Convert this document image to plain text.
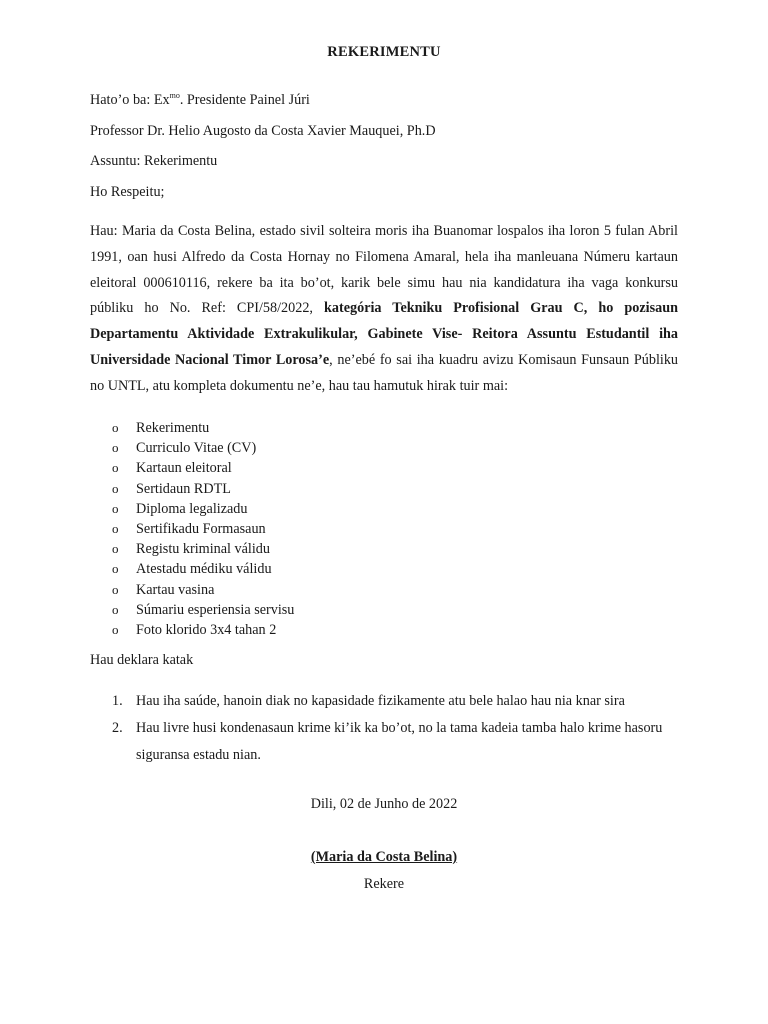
REKERIMENTU
Hato’o ba: $Ex^{mo}$. Presidente Painel Júri
Professor Dr. Helio Augosto da Costa Xavier Mauquei, Ph.D
Assuntu: Rekerimentu
Ho Respeitu;
Hau: Maria da Costa Belina, estado sivil solteira moris iha Buanomar lospalos iha loron 5 fulan Abril 1991, oan husi Alfredo da Costa Hornay no Filomena Amaral, hela iha manleuana Númeru kartaun eleitoral 000610116, rekere ba ita bo’ot, karik bele simu hau nia kandidatura iha vaga konkursu públiku ho No. Ref: CPI/58/2022, kategória Tekniku Profisional Grau C, ho pozisaun Departamentu Aktividade Extrakulikular, Gabinete Vise- Reitora Assuntu Estudantil iha Universidade Nacional Timor Lorosa’e, ne’ebé fo sai iha kuadru avizu Komisaun Funsaun Públiku no UNTL, atu kompleta dokumentu ne’e, hau tau hamutuk hirak tuir mai:
o Rekerimentu
o Curriculo Vitae (CV)
o Kartaun eleitoral
o Sertidaun RDTL
o Diploma legalizadu
o Sertifikadu Formasaun
o Registu kriminal válidu
o Atestadu médiku válidu
o Kartau vasina
o Súmariu esperiensia servisu
o Foto klorido 3x4 tahan 2
Hau deklara katak
1. Hau iha saúde, hanoin diak no kapasidade fizikamente atu bele halao hau nia knar sira
2. Hau livre husi kondenasaun krime ki’ik ka bo’ot, no la tama kadeia tamba halo krime hasoru siguransa estadu nian.
Dili, 02 de Junho de 2022
(Maria da Costa Belina)
Rekere
